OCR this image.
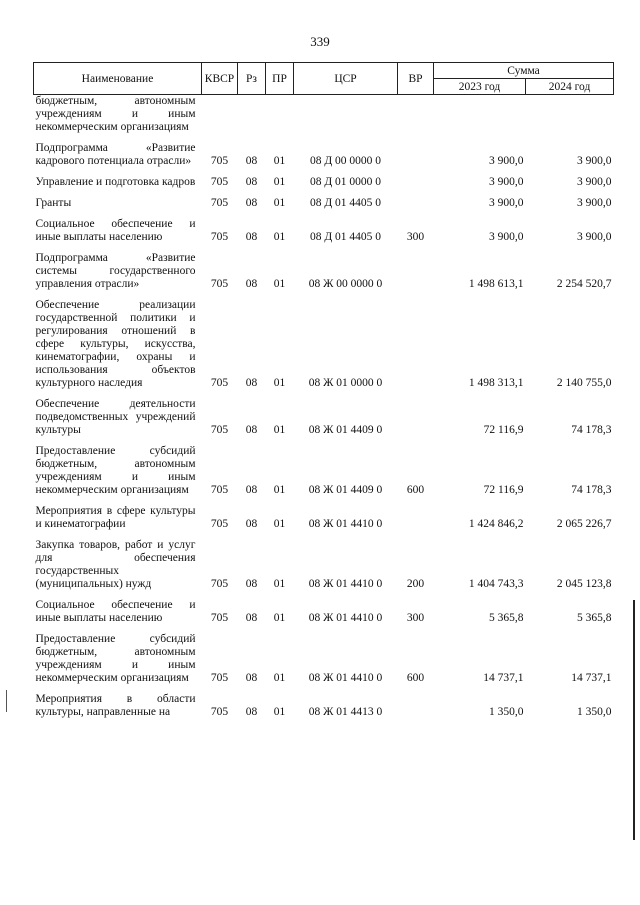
339
Наименование	КВСР	Рз	ПР	ЦСР	ВР	Сумма	
						2023 год	2024 год
бюджетным, автономным учреждениям и иным некоммерческим организациям							
Подпрограмма «Развитие кадрового потенциала отрасли»	705	08	01	08 Д 00 0000 0		3 900,0	3 900,0
Управление и подготовка кадров	705	08	01	08 Д 01 0000 0		3 900,0	3 900,0
Гранты	705	08	01	08 Д 01 4405 0		3 900,0	3 900,0
Социальное обеспечение и иные выплаты населению	705	08	01	08 Д 01 4405 0	300	3 900,0	3 900,0
Подпрограмма «Развитие системы государственного управления отрасли»	705	08	01	08 Ж 00 0000 0		1 498 613,1	2 254 520,7
Обеспечение реализации государственной политики и регулирования отношений в сфере культуры, искусства, кинематографии, охраны и использования объектов культурного наследия	705	08	01	08 Ж 01 0000 0		1 498 313,1	2 140 755,0
Обеспечение деятельности подведомственных учреждений культуры	705	08	01	08 Ж 01 4409 0		72 116,9	74 178,3
Предоставление субсидий бюджетным, автономным учреждениям и иным некоммерческим организациям	705	08	01	08 Ж 01 4409 0	600	72 116,9	74 178,3
Мероприятия в сфере культуры и кинематографии	705	08	01	08 Ж 01 4410 0		1 424 846,2	2 065 226,7
Закупка товаров, работ и услуг для обеспечения государственных (муниципальных) нужд	705	08	01	08 Ж 01 4410 0	200	1 404 743,3	2 045 123,8
Социальное обеспечение и иные выплаты населению	705	08	01	08 Ж 01 4410 0	300	5 365,8	5 365,8
Предоставление субсидий бюджетным, автономным учреждениям и иным некоммерческим организациям	705	08	01	08 Ж 01 4410 0	600	14 737,1	14 737,1
Мероприятия в области культуры, направленные на	705	08	01	08 Ж 01 4413 0		1 350,0	1 350,0
